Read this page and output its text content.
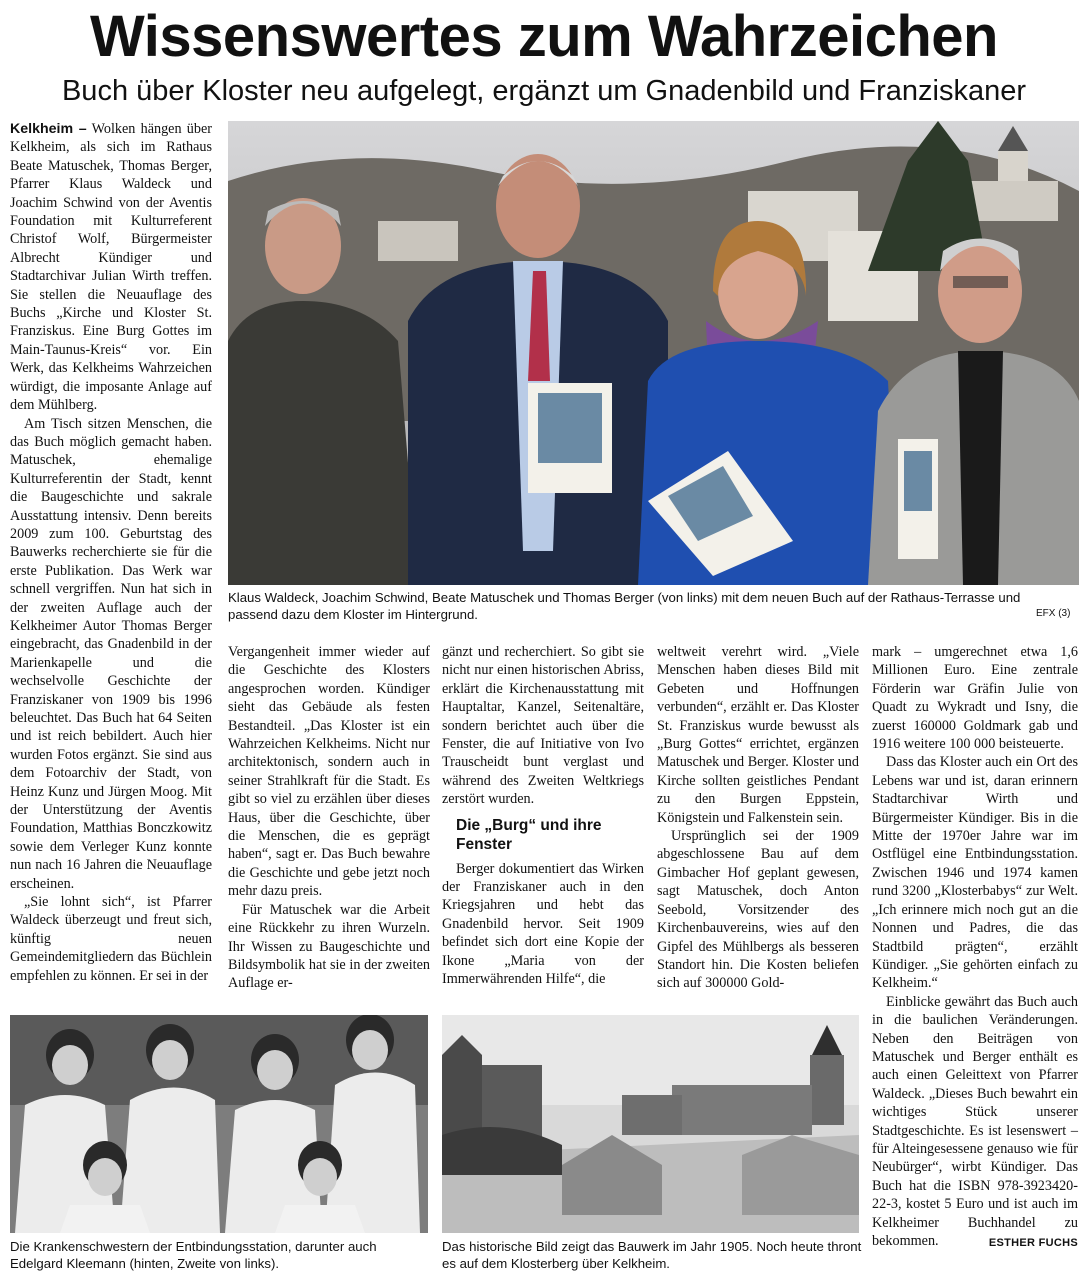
Wissenswertes zum Wahrzeichen
Buch über Kloster neu aufgelegt, ergänzt um Gnadenbild und Franziskaner

Kelkheim – Wolken hängen über Kelkheim, als sich im Rathaus Beate Matuschek, Thomas Berger, Pfarrer Klaus Waldeck und Joachim Schwind von der Aventis Foundation mit Kulturreferent Christof Wolf, Bürgermeister Albrecht Kündiger und Stadtarchivar Julian Wirth treffen. Sie stellen die Neuauflage des Buchs „Kirche und Kloster St. Franziskus. Eine Burg Gottes im Main-Taunus-Kreis“ vor. Ein Werk, das Kelkheims Wahrzeichen würdigt, die imposante Anlage auf dem Mühlberg.

Am Tisch sitzen Menschen, die das Buch möglich gemacht haben. Matuschek, ehemalige Kulturreferentin der Stadt, kennt die Baugeschichte und sakrale Ausstattung intensiv. Denn bereits 2009 zum 100. Geburtstag des Bauwerks recherchierte sie für die erste Publikation. Das Werk war schnell vergriffen. Nun hat sich in der zweiten Auflage auch der Kelkheimer Autor Thomas Berger eingebracht, das Gnadenbild in der Marienkapelle und die wechselvolle Geschichte der Franziskaner von 1909 bis 1996 beleuchtet. Das Buch hat 64 Seiten und ist reich bebildert. Auch hier wurden Fotos ergänzt. Sie sind aus dem Fotoarchiv der Stadt, von Heinz Kunz und Jürgen Moog. Mit der Unterstützung der Aventis Foundation, Matthias Bonczkowitz sowie dem Verleger Kunz konnte nun nach 16 Jahren die Neuauflage erscheinen.

„Sie lohnt sich“, ist Pfarrer Waldeck überzeugt und freut sich, künftig neuen Gemeindemitgliedern das Büchlein empfehlen zu können. Er sei in der

Klaus Waldeck, Joachim Schwind, Beate Matuschek und Thomas Berger (von links) mit dem neuen Buch auf der Rathaus-Terrasse und passend dazu dem Kloster im Hintergrund.	EFX (3)

Vergangenheit immer wieder auf die Geschichte des Klosters angesprochen worden. Kündiger sieht das Gebäude als festen Bestandteil. „Das Kloster ist ein Wahrzeichen Kelkheims. Nicht nur architektonisch, sondern auch in seiner Strahlkraft für die Stadt. Es gibt so viel zu erzählen über dieses Haus, über die Geschichte, über die Menschen, die es geprägt haben“, sagt er. Das Buch bewahre die Geschichte und gebe jetzt noch mehr dazu preis.

Für Matuschek war die Arbeit eine Rückkehr zu ihren Wurzeln. Ihr Wissen zu Baugeschichte und Bildsymbolik hat sie in der zweiten Auflage er-

gänzt und recherchiert. So gibt sie nicht nur einen historischen Abriss, erklärt die Kirchenausstattung mit Hauptaltar, Kanzel, Seitenaltäre, sondern berichtet auch über die Fenster, die auf Initiative von Ivo Trauscheidt bunt verglast und während des Zweiten Weltkriegs zerstört wurden.

Die „Burg“ und ihre Fenster

Berger dokumentiert das Wirken der Franziskaner auch in den Kriegsjahren und hebt das Gnadenbild hervor. Seit 1909 befindet sich dort eine Kopie der Ikone „Maria von der Immerwährenden Hilfe“, die

weltweit verehrt wird. „Viele Menschen haben dieses Bild mit Gebeten und Hoffnungen verbunden“, erzählt er. Das Kloster St. Franziskus wurde bewusst als „Burg Gottes“ errichtet, ergänzen Matuschek und Berger. Kloster und Kirche sollten geistliches Pendant zu den Burgen Eppstein, Königstein und Falkenstein sein.

Ursprünglich sei der 1909 abgeschlossene Bau auf dem Gimbacher Hof geplant gewesen, sagt Matuschek, doch Anton Seebold, Vorsitzender des Kirchenbauvereins, wies auf den Gipfel des Mühlbergs als besseren Standort hin. Die Kosten beliefen sich auf 300000 Gold-

mark – umgerechnet etwa 1,6 Millionen Euro. Eine zentrale Förderin war Gräfin Julie von Quadt zu Wykradt und Isny, die zuerst 160000 Goldmark gab und 1916 weitere 100 000 beisteuerte.

Dass das Kloster auch ein Ort des Lebens war und ist, daran erinnern Stadtarchivar Wirth und Bürgermeister Kündiger. Bis in die Mitte der 1970er Jahre war im Ostflügel eine Entbindungsstation. Zwischen 1946 und 1974 kamen rund 3200 „Klosterbabys“ zur Welt. „Ich erinnere mich noch gut an die Nonnen und Padres, die das Stadtbild prägten“, erzählt Kündiger. „Sie gehörten einfach zu Kelkheim.“

Einblicke gewährt das Buch auch in die baulichen Veränderungen. Neben den Beiträgen von Matuschek und Berger enthält es auch einen Geleittext von Pfarrer Waldeck. „Dieses Buch bewahrt ein wichtiges Stück unserer Stadtgeschichte. Es ist lesenswert – für Alteingesessene genauso wie für Neubürger“, wirbt Kündiger. Das Buch hat die ISBN 978-3923420-22-3, kostet 5 Euro und ist auch im Kelkheimer Buchhandel zu bekommen.	ESTHER FUCHS

Die Krankenschwestern der Entbindungsstation, darunter auch Edelgard Kleemann (hinten, Zweite von links).
Das historische Bild zeigt das Bauwerk im Jahr 1905. Noch heute thront es auf dem Klosterberg über Kelkheim.
